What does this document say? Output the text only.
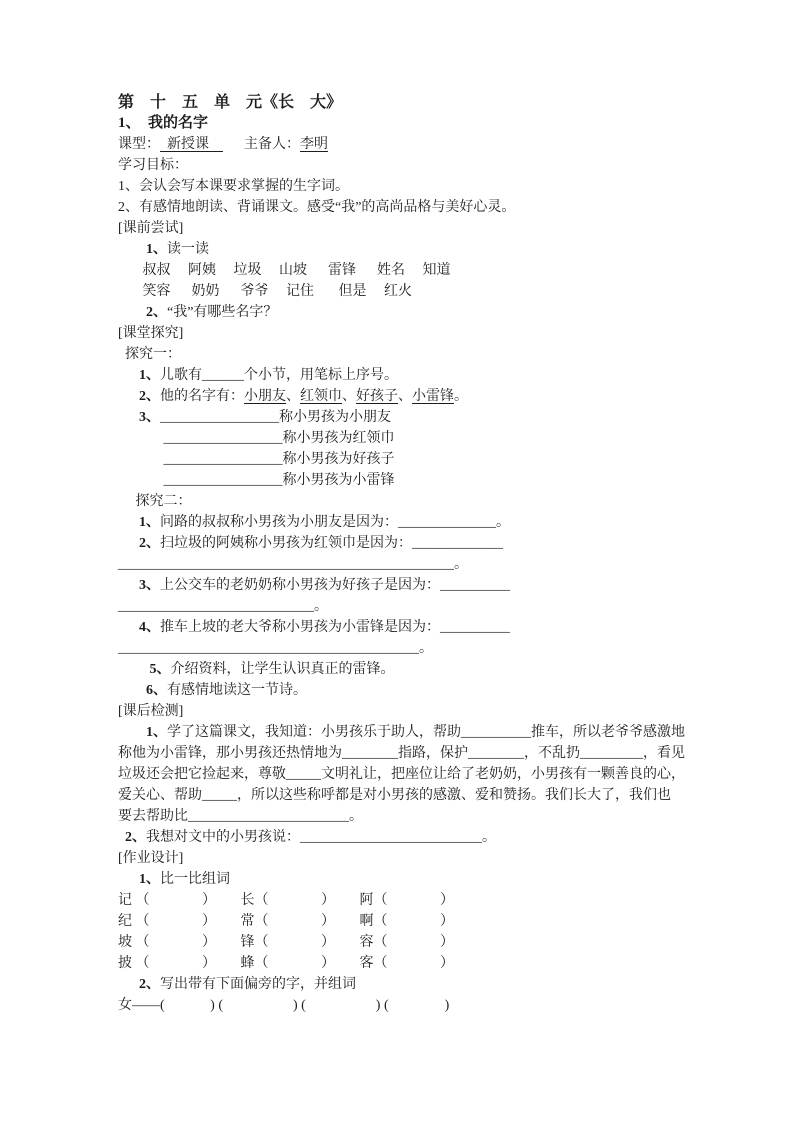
第    十    五    单    元《长    大》
1、  我的名字
课型：  新授课          主备人：李明
学习目标：
1、会认会写本课要求掌握的生字词。
2、有感情地朗读、背诵课文。感受“我”的高尚品格与美好心灵。
[课前尝试]
1、读一读
叔叔     阿姨     垃圾     山坡      雷锋      姓名     知道
笑容      奶奶      爷爷     记住       但是     红火
2、“我”有哪些名字？
[课堂探究]
探究一：
1、儿歌有______个小节，用笔标上序号。
2、他的名字有：小朋友、红领巾、好孩子、小雷锋。
3、_________________称小男孩为小朋友
_________________称小男孩为红领巾
_________________称小男孩为好孩子
_________________称小男孩为小雷锋
探究二：
1、问路的叔叔称小男孩为小朋友是因为：______________。
2、扫垃圾的阿姨称小男孩为红领巾是因为：_____________
________________________________________________。
3、上公交车的老奶奶称小男孩为好孩子是因为：__________
____________________________。
4、推车上坡的老大爷称小男孩为小雷锋是因为：__________
___________________________________________。
5、介绍资料，让学生认识真正的雷锋。
6、有感情地读这一节诗。
[课后检测]
1、学了这篇课文，我知道：小男孩乐于助人，帮助__________推车，所以老爷爷感激地
称他为小雷锋，那小男孩还热情地为________指路，保护________，不乱扔_________，看见
垃圾还会把它捡起来，尊敬_____文明礼让，把座位让给了老奶奶，小男孩有一颗善良的心，
爱关心、帮助_____，所以这些称呼都是对小男孩的感激、爱和赞扬。我们长大了，我们也
要去帮助比_______________________。
2、我想对文中的小男孩说：__________________________。
[作业设计]
1、比一比组词
记 （               ）       长（               ）       阿（               ）
纪 （               ）       常（               ）       啊（               ）
坡 （               ）       锋（               ）       容（               ）
披 （               ）       蜂（               ）       客（               ）
2、写出带有下面偏旁的字，并组词
女——(             ) (                    ) (                    ) (                )
